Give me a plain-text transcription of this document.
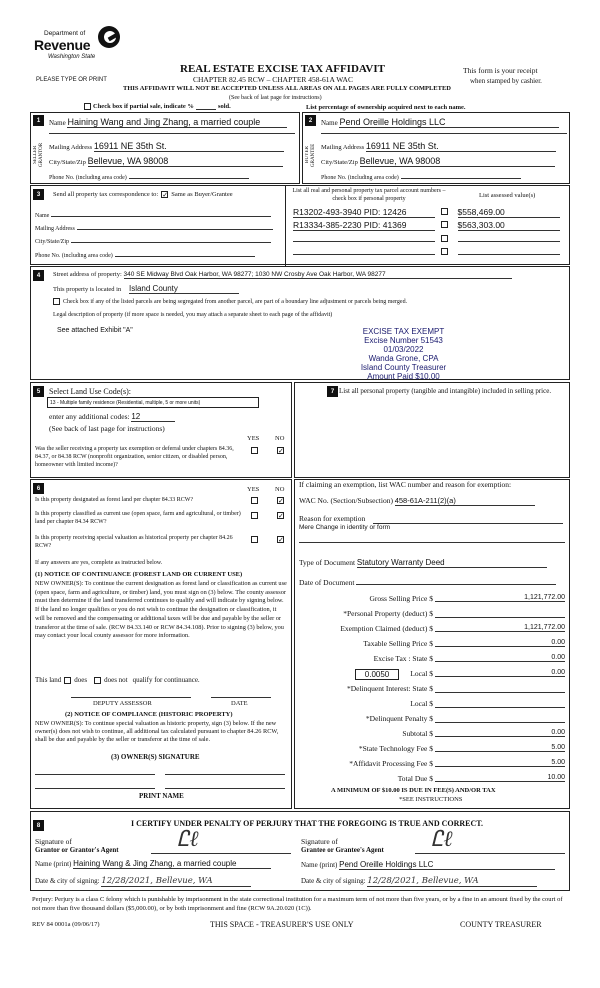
Department of
Revenue
Washington State
PLEASE TYPE OR PRINT
REAL ESTATE EXCISE TAX AFFIDAVIT
CHAPTER 82.45 RCW – CHAPTER 458-61A WAC
THIS AFFIDAVIT WILL NOT BE ACCEPTED UNLESS ALL AREAS ON ALL PAGES ARE FULLY COMPLETED
(See back of last page for instructions)
This form is your receipt
when stamped by cashier.
Check box if partial sale, indicate %	sold.	List percentage of ownership acquired next to each name.
1
SELLER GRANTOR
Name Haining Wang and Jing Zhang, a married couple
Mailing Address 16911 NE 35th St.
City/State/Zip Bellevue, WA 98008
Phone No. (including area code)
2
BUYER GRANTEE
Name Pend Oreille Holdings LLC
Mailing Address 16911 NE 35th St.
City/State/Zip Bellevue, WA 98008
Phone No. (including area code)
3	Send all property tax correspondence to:
✓ Same as Buyer/Grantee	List all real and personal property tax parcel account numbers – check box if personal property	List assessed value(s)
Name
Mailing Address
City/State/Zip
Phone No. (including area code)
R13202-493-3940 PID: 12426	$558,469.00
R13334-385-2230 PID: 41369	$563,303.00

4	Street address of property: 340 SE Midway Blvd Oak Harbor, WA 98277; 1030 NW Crosby Ave Oak Harbor, WA 98277
This property is located in Island County
Check box if any of the listed parcels are being segregated from another parcel, are part of a boundary line adjustment or parcels being merged.
Legal description of property (if more space is needed, you may attach a separate sheet to each page of the affidavit)
See attached Exhibit "A"	EXCISE TAX EXEMPT
Excise Number 51543
01/03/2022
Wanda Grone, CPA
Island County Treasurer
Amount Paid $10.00
5	Select Land Use Code(s):
13 - Multiple family residence (Residential, multiple, 5 or more units)
enter any additional codes: 12
(See back of last page for instructions)
YES NO
Was the seller receiving a property tax exemption or deferral under chapters 84.36, 84.37, or 84.38 RCW (nonprofit organization, senior citizen, or disabled person, homeowner with limited income)?
✓
7 List all personal property (tangible and intangible) included in selling price.
6	YES NO
Is this property designated as forest land per chapter 84.33 RCW?
✓
Is this property classified as current use (open space, farm and agricultural, or timber) land per chapter 84.34 RCW?
✓
Is this property receiving special valuation as historical property per chapter 84.26 RCW?
✓
If any answers are yes, complete as instructed below.
(1) NOTICE OF CONTINUANCE (FOREST LAND OR CURRENT USE)
NEW OWNER(S): To continue the current designation as forest land or classification as current use (open space, farm and agriculture, or timber) land, you must sign on (3) below. The county assessor must then determine if the land transferred continues to qualify and will indicate by signing below. If the land no longer qualifies or you do not wish to continue the designation or classification, it will be removed and the compensating or additional taxes will be due and payable by the seller or transferor at the time of sale. (RCW 84.33.140 or RCW 84.34.108). Prior to signing (3) below, you may contact your local county assessor for more information.
This land does does not qualify for continuance.
DEPUTY ASSESSOR	DATE
(2) NOTICE OF COMPLIANCE (HISTORIC PROPERTY)
NEW OWNER(S): To continue special valuation as historic property, sign (3) below. If the new owner(s) does not wish to continue, all additional tax calculated pursuant to chapter 84.26 RCW, shall be due and payable by the seller or transferor at the time of sale.
(3) OWNER(S) SIGNATURE
PRINT NAME
If claiming an exemption, list WAC number and reason for exemption:
WAC No. (Section/Subsection) 458-61A-211(2)(a)
Reason for exemption
Mere Change in identity or form
Type of Document Statutory Warranty Deed
Date of Document
Gross Selling Price $	1,121,772.00
*Personal Property (deduct) $
Exemption Claimed (deduct) $	1,121,772.00
Taxable Selling Price $	0.00
Excise Tax : State $	0.00
0.0050	Local $	0.00
*Delinquent Interest: State $
Local $
*Delinquent Penalty $
Subtotal $	0.00
*State Technology Fee $	5.00
*Affidavit Processing Fee $	5.00
Total Due $	10.00
A MINIMUM OF $10.00 IS DUE IN FEE(S) AND/OR TAX
*SEE INSTRUCTIONS
8	I CERTIFY UNDER PENALTY OF PERJURY THAT THE FOREGOING IS TRUE AND CORRECT.
Signature of
Grantor or Grantor's Agent	Ꮭℓ	Signature of
Grantee or Grantee's Agent Ꮭℓ
Name (print) Haining Wang & Jing Zhang, a married couple	Name (print) Pend Oreille Holdings LLC
Date & city of signing: 12/28/2021, Bellevue, WA	Date & city of signing: 12/28/2021, Bellevue, WA
Perjury: Perjury is a class C felony which is punishable by imprisonment in the state correctional institution for a maximum term of not more than five years, or by a fine in an amount fixed by the court of not more than five thousand dollars ($5,000.00), or by both imprisonment and fine (RCW 9A.20.020 (1C)).
REV 84 0001a (09/06/17)	THIS SPACE - TREASURER'S USE ONLY	COUNTY TREASURER
